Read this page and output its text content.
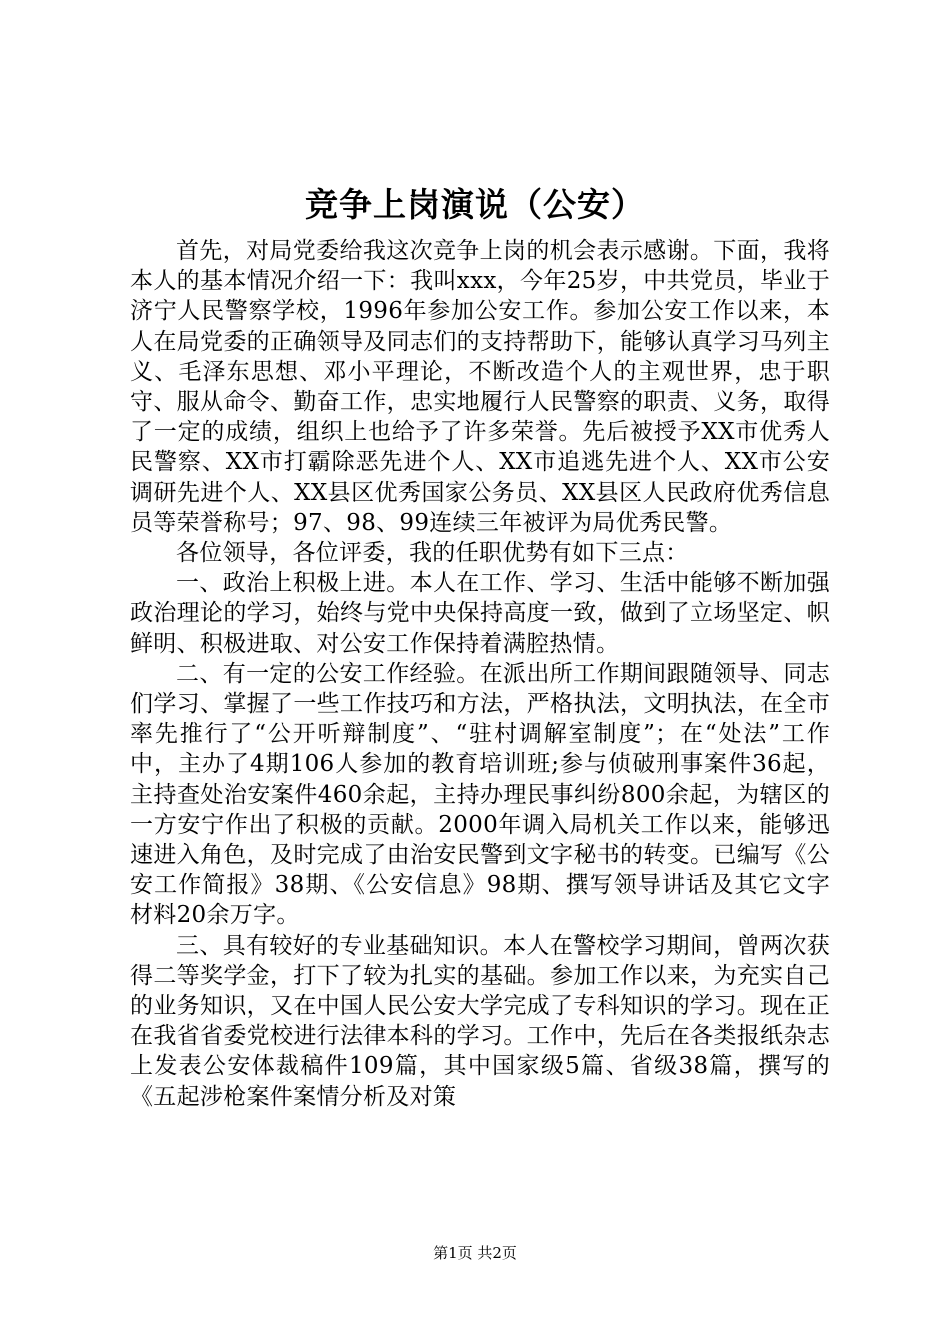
竞争上岗演说（公安）

首先，对局党委给我这次竞争上岗的机会表示感谢。下面，我将本人的基本情况介绍一下：我叫xxx，今年25岁，中共党员，毕业于济宁人民警察学校，1996年参加公安工作。参加公安工作以来，本人在局党委的正确领导及同志们的支持帮助下，能够认真学习马列主义、毛泽东思想、邓小平理论，不断改造个人的主观世界，忠于职守、服从命令、勤奋工作，忠实地履行人民警察的职责、义务，取得了一定的成绩，组织上也给予了许多荣誉。先后被授予XX市优秀人民警察、XX市打霸除恶先进个人、XX市追逃先进个人、XX市公安调研先进个人、XX县区优秀国家公务员、XX县区人民政府优秀信息员等荣誉称号；97、98、99连续三年被评为局优秀民警。

各位领导，各位评委，我的任职优势有如下三点：

一、政治上积极上进。本人在工作、学习、生活中能够不断加强政治理论的学习，始终与党中央保持高度一致，做到了立场坚定、帜鲜明、积极进取、对公安工作保持着满腔热情。

二、有一定的公安工作经验。在派出所工作期间跟随领导、同志们学习、掌握了一些工作技巧和方法，严格执法，文明执法，在全市率先推行了“公开听辩制度”、“驻村调解室制度”；在“处法”工作中，主办了4期106人参加的教育培训班;参与侦破刑事案件36起，主持查处治安案件460余起，主持办理民事纠纷800余起，为辖区的一方安宁作出了积极的贡献。2000年调入局机关工作以来，能够迅速进入角色，及时完成了由治安民警到文字秘书的转变。已编写《公安工作简报》38期、《公安信息》98期、撰写领导讲话及其它文字材料20余万字。

三、具有较好的专业基础知识。本人在警校学习期间，曾两次获得二等奖学金，打下了较为扎实的基础。参加工作以来，为充实自己的业务知识，又在中国人民公安大学完成了专科知识的学习。现在正在我省省委党校进行法律本科的学习。工作中，先后在各类报纸杂志上发表公安体裁稿件109篇，其中国家级5篇、省级38篇，撰写的《五起涉枪案件案情分析及对策

第1页 共2页
